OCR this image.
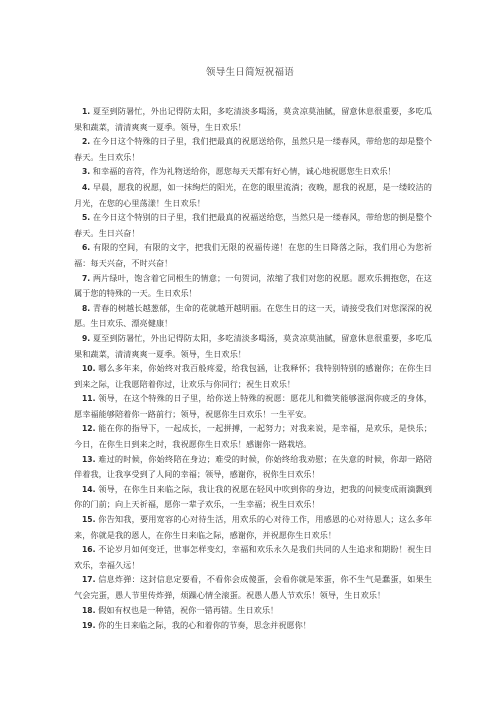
领导生日简短祝福语
1. 夏至到防暑忙，外出记得防太阳，多吃清淡多喝汤，莫贪凉莫油腻，留意休息很重要，多吃瓜果和蔬菜，清清爽爽一夏季。领导，生日欢乐！
2. 在今日这个特殊的日子里，我们把最真的祝愿送给你，虽然只是一缕春风，带给您的却是整个春天。生日欢乐！
3. 和幸福的音符，作为礼物送给你，愿您每天天都有好心情，诚心地祝愿您生日欢乐！
4. 早晨，愿我的祝愿，如一抹绚烂的阳光，在您的眼里流淌；夜晚，愿我的祝愿，是一缕皎洁的月光，在您的心里荡漾！生日欢乐！
5. 在今日这个特别的日子里，我们把最真的祝福送给您，当然只是一缕春风，带给您的倒是整个春天。生日兴奋！
6. 有限的空间，有限的文字，把我们无限的祝福传递！在您的生日降落之际，我们用心为您祈福：每天兴奋，不时兴奋！
7. 两片绿叶，饱含着它同根生的情意；一句贺词，浓缩了我们对您的祝愿。愿欢乐拥抱您，在这属于您的特殊的一天。生日欢乐！
8. 青春的树越长越葱郁，生命的花就越开越明丽。在您生日的这一天，请接受我们对您深深的祝愿。生日欢乐、漂亮健康！
9. 夏至到防暑忙，外出记得防太阳，多吃清淡多喝汤，莫贪凉莫油腻，留意休息很重要，多吃瓜果和蔬菜，清清爽爽一夏季。领导，生日欢乐！
10. 哪么多年来，你始终对我百般疼爱，给我包涵，让我释怀；我特别特别的感谢你；在你生日到来之际，让我愿陪着你过，让欢乐与你同行；祝生日欢乐！
11. 领导，在这个特殊的日子里，给你送上特殊的祝愿：愿花儿和微笑能够滋润你疲乏的身体，愿幸福能够陪着你一路前行；领导，祝愿你生日欢乐！一生平安。
12. 能在你的指导下，一起成长，一起拼搏，一起努力；对我来说，是幸福，是欢乐，是快乐；今日，在你生日到来之时，我祝愿你生日欢乐！感谢你一路栽培。
13. 难过的时候，你始终陪在身边；难受的时候，你始终给我劝慰；在失意的时候，你却一路陪伴着我，让我享受到了人间的幸福；领导，感谢你，祝你生日欢乐！
14. 领导，在你生日来临之际，我让我的祝愿在轻风中吹到你的身边，把我的问候变成雨滴飘到你的门前；向上天祈福，愿你一辈子欢乐，一生幸福；祝生日欢乐！
15. 你告知我，要用宽容的心对待生活，用欢乐的心对待工作，用感恩的心对待恩人；这么多年来，你就是我的恩人，在你生日来临之际，感谢你，并祝愿你生日欢乐！
16. 不论岁月如何变迁，世事怎样变幻，幸福和欢乐永久是我们共同的人生追求和期盼！祝生日欢乐，幸福久远！
17. 信息炸弹：这封信息定要看，不看你会成傻蛋，会看你就是笨蛋，你不生气是蠢蛋，如果生气会完蛋，愚人节里传炸弹，烦躁心情全滚蛋。祝愚人愚人节欢乐！领导，生日欢乐！
18. 假如有权也是一种错，祝你一错再错。生日欢乐！
19. 你的生日来临之际，我的心和着你的节奏，思念并祝愿你！
